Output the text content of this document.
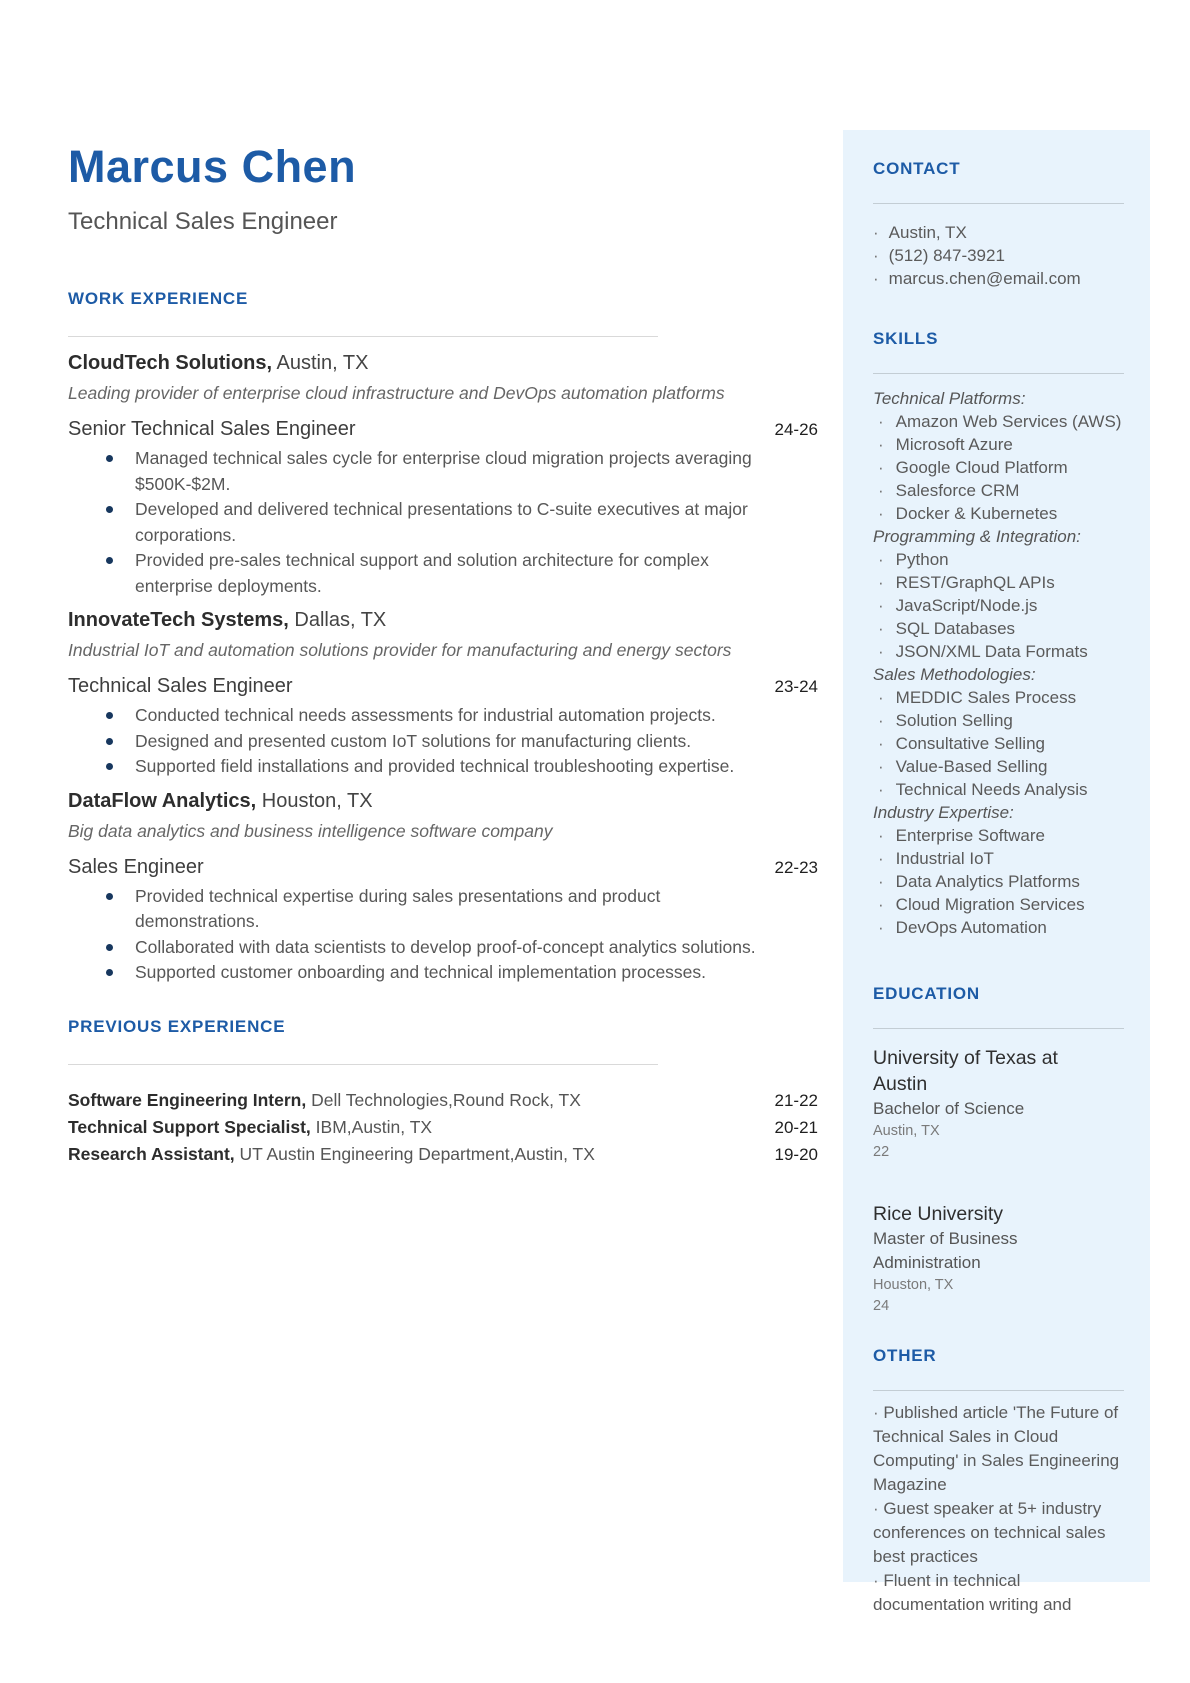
Marcus Chen
Technical Sales Engineer
WORK EXPERIENCE
CloudTech Solutions, Austin, TX
Leading provider of enterprise cloud infrastructure and DevOps automation platforms
Senior Technical Sales Engineer	24-26
Managed technical sales cycle for enterprise cloud migration projects averaging $500K-$2M.
Developed and delivered technical presentations to C-suite executives at major corporations.
Provided pre-sales technical support and solution architecture for complex enterprise deployments.
InnovateTech Systems, Dallas, TX
Industrial IoT and automation solutions provider for manufacturing and energy sectors
Technical Sales Engineer	23-24
Conducted technical needs assessments for industrial automation projects.
Designed and presented custom IoT solutions for manufacturing clients.
Supported field installations and provided technical troubleshooting expertise.
DataFlow Analytics, Houston, TX
Big data analytics and business intelligence software company
Sales Engineer	22-23
Provided technical expertise during sales presentations and product demonstrations.
Collaborated with data scientists to develop proof-of-concept analytics solutions.
Supported customer onboarding and technical implementation processes.
PREVIOUS EXPERIENCE
Software Engineering Intern, Dell Technologies,Round Rock, TX	21-22
Technical Support Specialist, IBM,Austin, TX	20-21
Research Assistant, UT Austin Engineering Department,Austin, TX	19-20
CONTACT
· Austin, TX
· (512) 847-3921
· marcus.chen@email.com
SKILLS
Technical Platforms:
· Amazon Web Services (AWS)
· Microsoft Azure
· Google Cloud Platform
· Salesforce CRM
· Docker & Kubernetes
Programming & Integration:
· Python
· REST/GraphQL APIs
· JavaScript/Node.js
· SQL Databases
· JSON/XML Data Formats
Sales Methodologies:
· MEDDIC Sales Process
· Solution Selling
· Consultative Selling
· Value-Based Selling
· Technical Needs Analysis
Industry Expertise:
· Enterprise Software
· Industrial IoT
· Data Analytics Platforms
· Cloud Migration Services
· DevOps Automation
EDUCATION
University of Texas at Austin
Bachelor of Science
Austin, TX
22
Rice University
Master of Business Administration
Houston, TX
24
OTHER

· Published article 'The Future of Technical Sales in Cloud Computing' in Sales Engineering Magazine

· Guest speaker at 5+ industry conferences on technical sales best practices

· Fluent in technical documentation writing and
